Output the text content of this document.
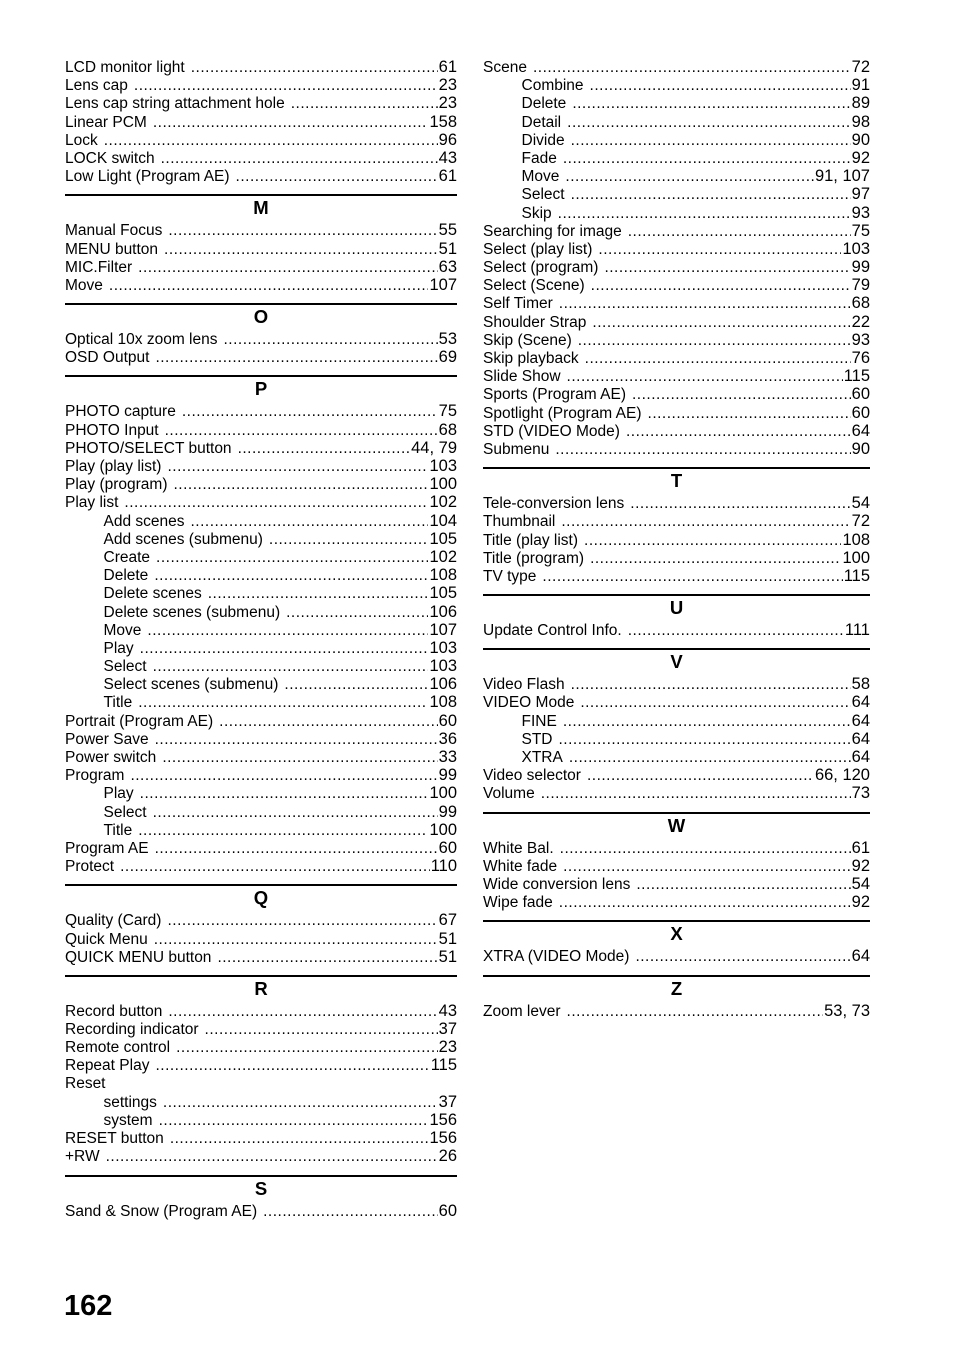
LCD monitor light .....	61
Lens cap .....	23
Lens cap string attachment hole .....	23
Linear PCM .....	158
Lock .....	96
LOCK switch .....	43
Low Light (Program AE) .....	61
M
Manual Focus .....	55
MENU button .....	51
MIC.Filter .....	63
Move .....	107
O
Optical 10x zoom lens .....	53
OSD Output .....	69
P
PHOTO capture .....	75
PHOTO Input .....	68
PHOTO/SELECT button .....	44, 79
Play (play list) .....	103
Play (program) .....	100
Play list .....	102
Add scenes .....	104
Add scenes (submenu) .....	105
Create .....	102
Delete .....	108
Delete scenes .....	105
Delete scenes (submenu) .....	106
Move .....	107
Play .....	103
Select .....	103
Select scenes (submenu) .....	106
Title .....	108
Portrait (Program AE) .....	60
Power Save .....	36
Power switch .....	33
Program .....	99
Play .....	100
Select .....	99
Title .....	100
Program AE .....	60
Protect .....	110
Q
Quality (Card) .....	67
Quick Menu .....	51
QUICK MENU button .....	51
R
Record button .....	43
Recording indicator .....	37
Remote control .....	23
Repeat Play .....	115
Reset
settings .....	37
system .....	156
RESET button .....	156
+RW .....	26
S
Sand & Snow (Program AE) .....	60
Scene .....	72
Combine .....	91
Delete .....	89
Detail .....	98
Divide .....	90
Fade .....	92
Move .....	91, 107
Select .....	97
Skip .....	93
Searching for image .....	75
Select (play list) .....	103
Select (program) .....	99
Select (Scene) .....	79
Self Timer .....	68
Shoulder Strap .....	22
Skip (Scene) .....	93
Skip playback .....	76
Slide Show .....	115
Sports (Program AE) .....	60
Spotlight (Program AE) .....	60
STD (VIDEO Mode) .....	64
Submenu .....	90
T
Tele-conversion lens .....	54
Thumbnail .....	72
Title (play list) .....	108
Title (program) .....	100
TV type .....	115
U
Update Control Info. .....	111
V
Video Flash .....	58
VIDEO Mode .....	64
FINE .....	64
STD .....	64
XTRA .....	64
Video selector .....	66, 120
Volume .....	73
W
White Bal. .....	61
White fade .....	92
Wide conversion lens .....	54
Wipe fade .....	92
X
XTRA (VIDEO Mode) .....	64
Z
Zoom lever .....	53, 73
162
